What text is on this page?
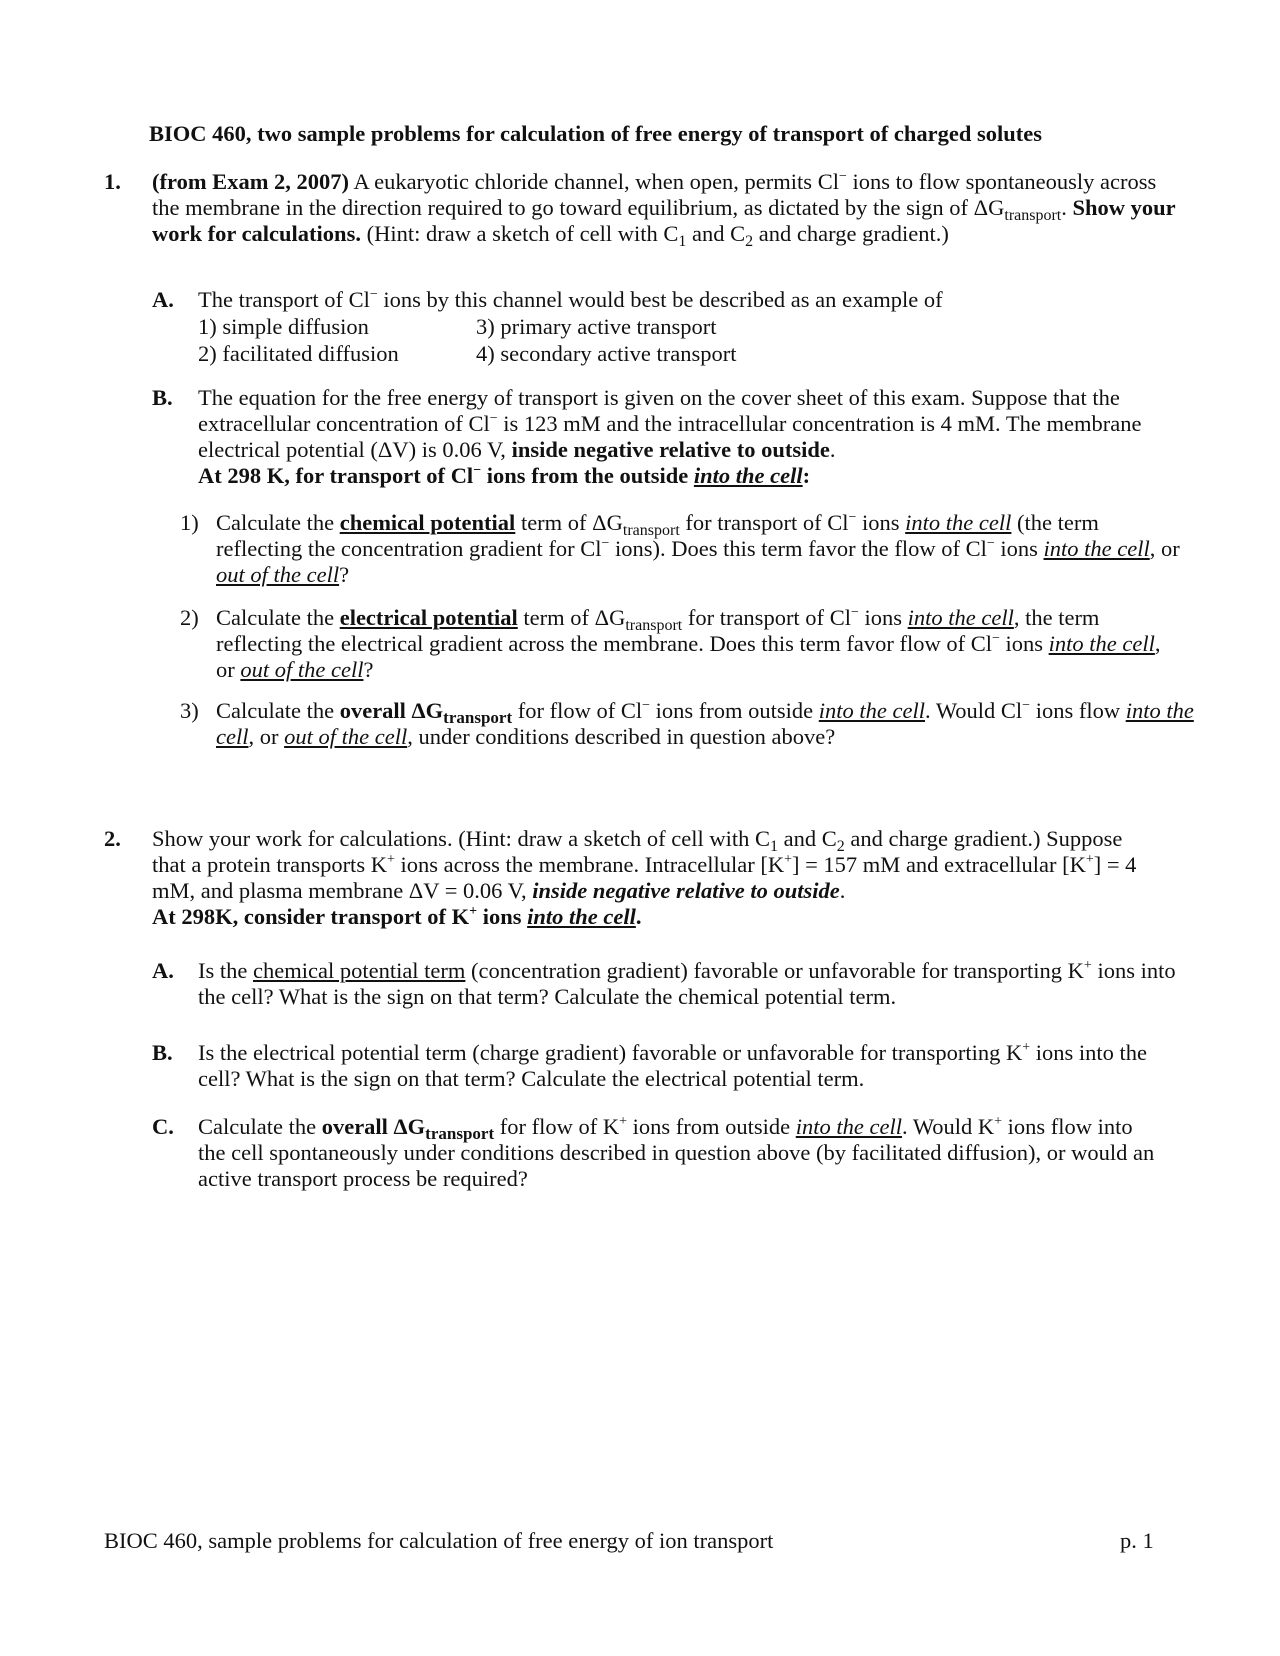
BIOC 460, two sample problems for calculation of free energy of transport of charged solutes
1. (from Exam 2, 2007) A eukaryotic chloride channel, when open, permits Cl− ions to flow spontaneously across the membrane in the direction required to go toward equilibrium, as dictated by the sign of $\Delta G_{transport}$. Show your work for calculations. (Hint: draw a sketch of cell with $C_1$ and $C_2$ and charge gradient.)

A. The transport of Cl− ions by this channel would best be described as an example of

1) simple diffusion
2) facilitated diffusion
3) primary active transport
4) secondary active transport
B. The equation for the free energy of transport is given on the cover sheet of this exam. Suppose that the extracellular concentration of Cl− is 123 mM and the intracellular concentration is 4 mM. The membrane electrical potential (ΔV) is 0.06 V, inside negative relative to outside.
At 298 K, for transport of Cl− ions from the outside into the cell:

1) Calculate the chemical potential term of $\Delta G_{transport}$ for transport of Cl− ions into the cell (the term reflecting the concentration gradient for Cl− ions). Does this term favor the flow of Cl− ions into the cell, or out of the cell?

2) Calculate the electrical potential term of $\Delta G_{transport}$ for transport of Cl− ions into the cell, the term reflecting the electrical gradient across the membrane. Does this term favor flow of Cl− ions into the cell, or out of the cell?

3) Calculate the overall $\Delta G_{transport}$ for flow of Cl− ions from outside into the cell. Would Cl− ions flow into the cell, or out of the cell, under conditions described in question above?

2. Show your work for calculations. (Hint: draw a sketch of cell with $C_1$ and $C_2$ and charge gradient.) Suppose that a protein transports K+ ions across the membrane. Intracellular [K+] = 157 mM and extracellular [K+] = 4 mM, and plasma membrane ΔV = 0.06 V, inside negative relative to outside.
At 298K, consider transport of K+ ions into the cell.

A. Is the chemical potential term (concentration gradient) favorable or unfavorable for transporting K+ ions into the cell? What is the sign on that term? Calculate the chemical potential term.

B. Is the electrical potential term (charge gradient) favorable or unfavorable for transporting K+ ions into the cell? What is the sign on that term? Calculate the electrical potential term.

C. Calculate the overall $\Delta G_{transport}$ for flow of K+ ions from outside into the cell. Would K+ ions flow into the cell spontaneously under conditions described in question above (by facilitated diffusion), or would an active transport process be required?

BIOC 460, sample problems for calculation of free energy of ion transport	p. 1
